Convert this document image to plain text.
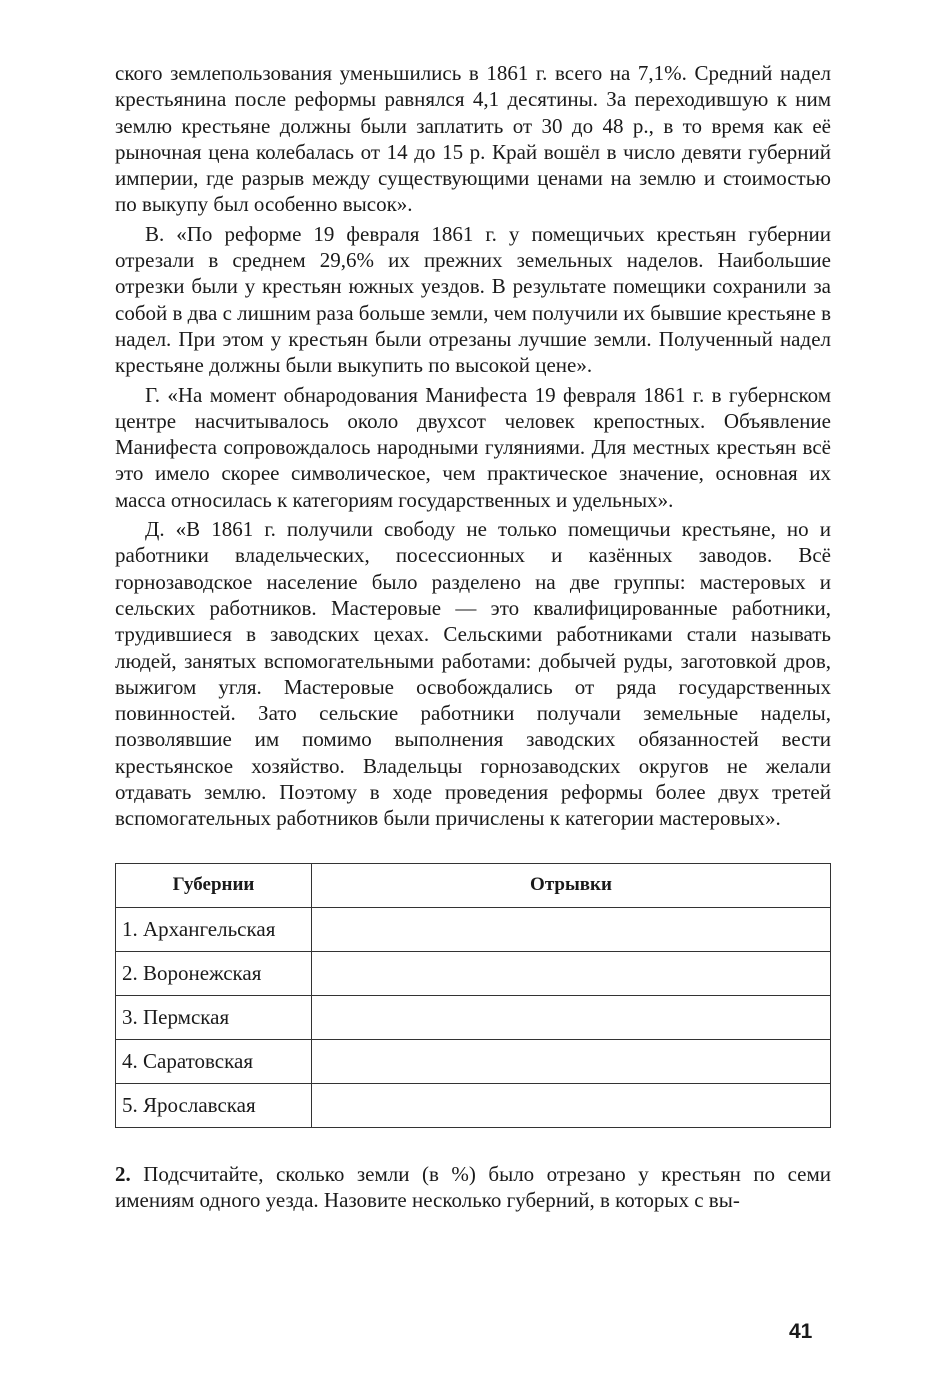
ского землепользования уменьшились в 1861 г. всего на 7,1%. Средний надел крестьянина после реформы равнялся 4,1 десятины. За переходившую к ним землю крестьяне должны были заплатить от 30 до 48 р., в то время как её рыночная цена колебалась от 14 до 15 р. Край вошёл в число девяти губерний империи, где разрыв между существующими ценами на землю и стоимостью по выкупу был особенно высок».

В. «По реформе 19 февраля 1861 г. у помещичьих крестьян губернии отрезали в среднем 29,6% их прежних земельных наделов. Наибольшие отрезки были у крестьян южных уездов. В результате помещики сохранили за собой в два с лишним раза больше земли, чем получили их бывшие крестьяне в надел. При этом у крестьян были отрезаны лучшие земли. Полученный надел крестьяне должны были выкупить по высокой цене».

Г. «На момент обнародования Манифеста 19 февраля 1861 г. в губернском центре насчитывалось около двухсот человек крепостных. Объявление Манифеста сопровождалось народными гуляниями. Для местных крестьян всё это имело скорее символическое, чем практическое значение, основная их масса относилась к категориям государственных и удельных».

Д. «В 1861 г. получили свободу не только помещичьи крестьяне, но и работники владельческих, посессионных и казённых заводов. Всё горнозаводское население было разделено на две группы: мастеровых и сельских работников. Мастеровые — это квалифицированные работники, трудившиеся в заводских цехах. Сельскими работниками стали называть людей, занятых вспомогательными работами: добычей руды, заготовкой дров, выжигом угля. Мастеровые освобождались от ряда государственных повинностей. Зато сельские работники получали земельные наделы, позволявшие им помимо выполнения заводских обязанностей вести крестьянское хозяйство. Владельцы горнозаводских округов не желали отдавать землю. Поэтому в ходе проведения реформы более двух третей вспомогательных работников были причислены к категории мастеровых».

Губернии	Отрывки
1. Архангельская	
2. Воронежская	
3. Пермская	
4. Саратовская	
5. Ярославская	

2. Подсчитайте, сколько земли (в %) было отрезано у крестьян по семи имениям одного уезда. Назовите несколько губерний, в которых с вы-

41
